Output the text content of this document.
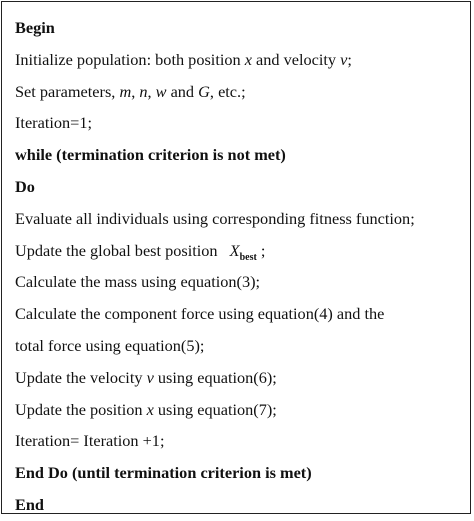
Begin
Initialize population: both position x and velocity v;
Set parameters, m, n, w and G, etc.;
Iteration=1;
while (termination criterion is not met)
Do
Evaluate all individuals using corresponding fitness function;
Update the global best position $X_{best}$ ;
Calculate the mass using equation(3);
Calculate the component force using equation(4) and the
total force using equation(5);
Update the velocity v using equation(6);
Update the position x using equation(7);
Iteration= Iteration +1;
End Do (until termination criterion is met)
End
